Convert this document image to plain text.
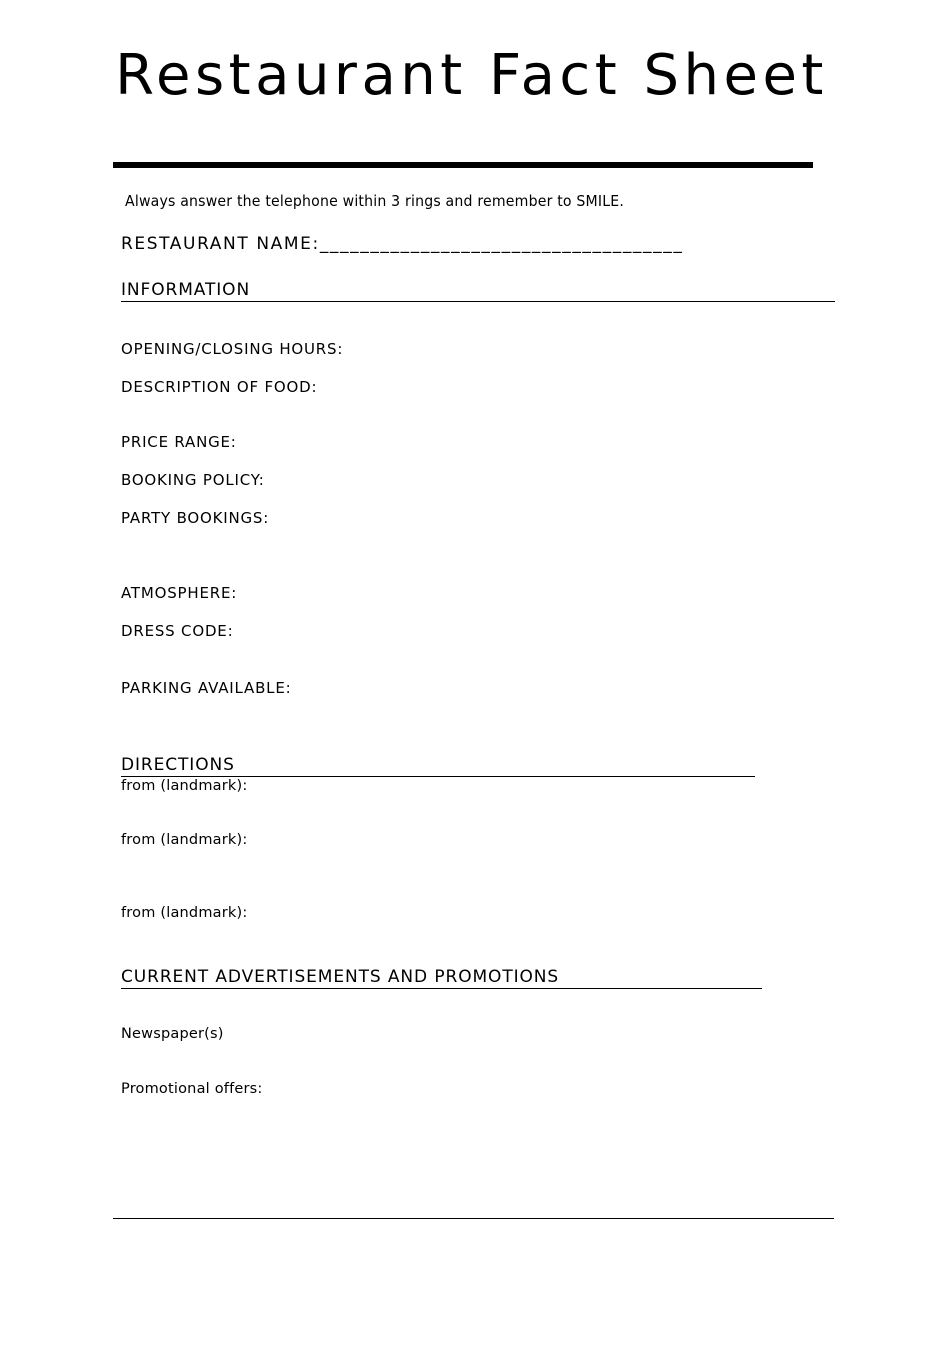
Restaurant Fact Sheet
Always answer the telephone within 3 rings and remember to SMILE.
RESTAURANT NAME:____________________________________
INFORMATION
OPENING/CLOSING HOURS:
DESCRIPTION OF FOOD:
PRICE RANGE:
BOOKING POLICY:
PARTY BOOKINGS:
ATMOSPHERE:
DRESS CODE:
PARKING AVAILABLE:
DIRECTIONS
from (landmark):
from (landmark):
from (landmark):
CURRENT ADVERTISEMENTS AND PROMOTIONS
Newspaper(s)
Promotional offers:
